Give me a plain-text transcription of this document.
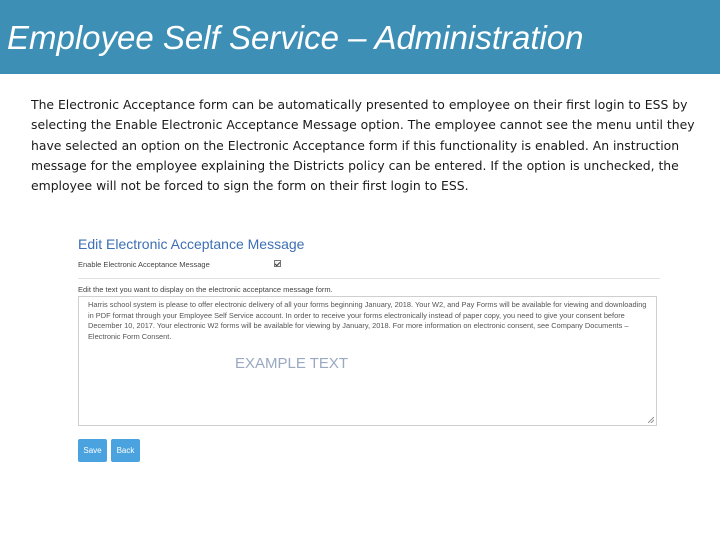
Employee Self Service – Administration

The Electronic Acceptance form can be automatically presented to employee on their first login to ESS by selecting the Enable Electronic Acceptance Message option. The employee cannot see the menu until they have selected an option on the Electronic Acceptance form if this functionality is enabled. An instruction message for the employee explaining the Districts policy can be entered. If the option is unchecked, the employee will not be forced to sign the form on their first login to ESS.

Edit Electronic Acceptance Message
Enable Electronic Acceptance Message
Edit the text you want to display on the electronic acceptance message form.

Harris school system is please to offer electronic delivery of all your forms beginning January, 2018. Your W2, and Pay Forms will be available for viewing and downloading in PDF format through your Employee Self Service account. In order to receive your forms electronically instead of paper copy, you need to give your consent before December 10, 2017. Your electronic W2 forms will be available for viewing by January, 2018. For more information on electronic consent, see Company Documents – Electronic Form Consent.

EXAMPLE TEXT
Save	Back
